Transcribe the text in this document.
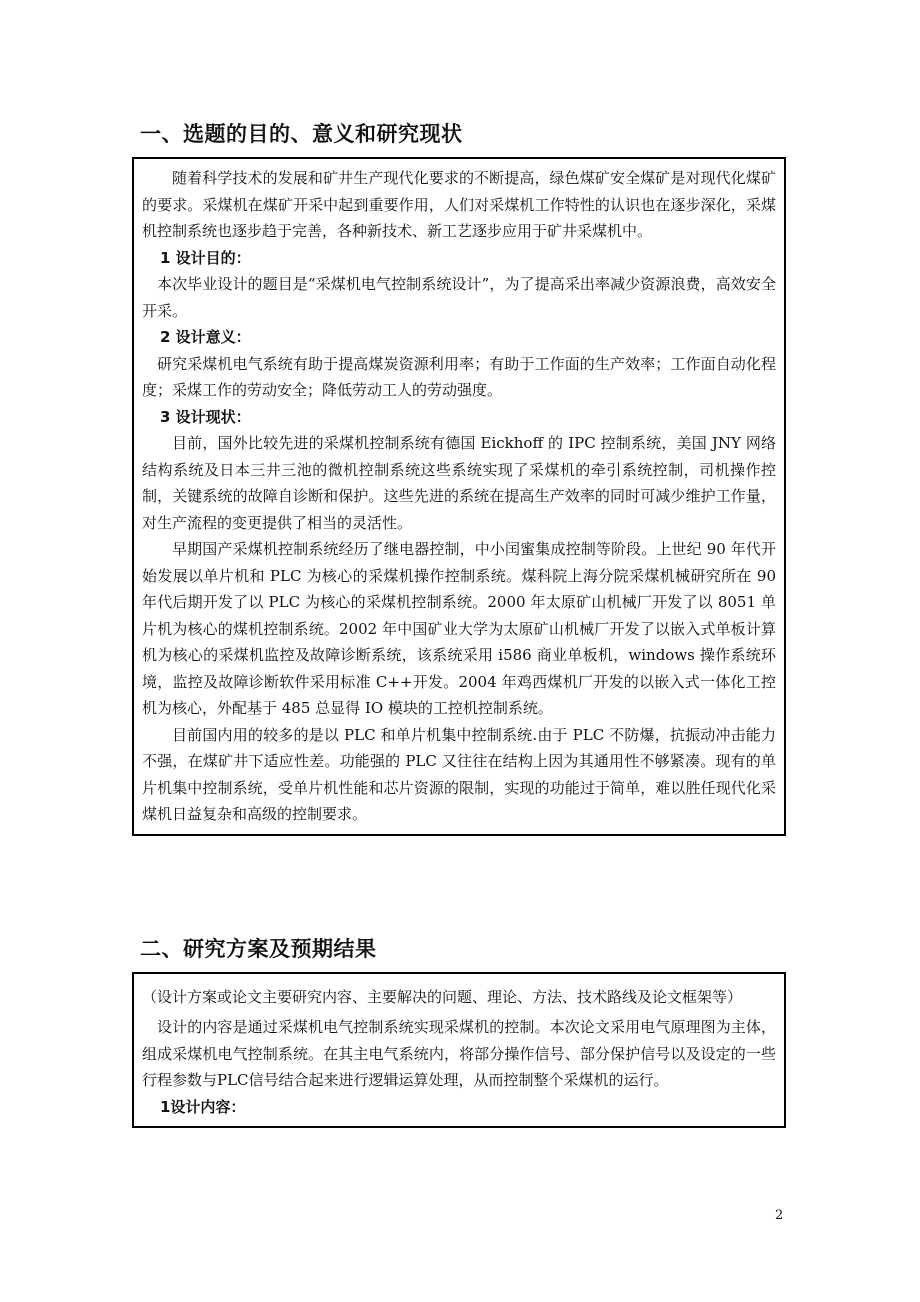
一、选题的目的、意义和研究现状

随着科学技术的发展和矿井生产现代化要求的不断提高，绿色煤矿安全煤矿是对现代化煤矿的要求。采煤机在煤矿开采中起到重要作用，人们对采煤机工作特性的认识也在逐步深化，采煤机控制系统也逐步趋于完善，各种新技术、新工艺逐步应用于矿井采煤机中。

1 设计目的：

本次毕业设计的题目是“采煤机电气控制系统设计”，为了提高采出率减少资源浪费，高效安全开采。

2 设计意义：

研究采煤机电气系统有助于提高煤炭资源利用率；有助于工作面的生产效率；工作面自动化程度；采煤工作的劳动安全；降低劳动工人的劳动强度。

3 设计现状：

目前，国外比较先进的采煤机控制系统有德国 Eickhoff 的 IPC 控制系统，美国 JNY 网络结构系统及日本三井三池的微机控制系统这些系统实现了采煤机的牵引系统控制，司机操作控制，关键系统的故障自诊断和保护。这些先进的系统在提高生产效率的同时可减少维护工作量，对生产流程的变更提供了相当的灵活性。

早期国产采煤机控制系统经历了继电器控制，中小闰蜜集成控制等阶段。上世纪 90 年代开始发展以单片机和 PLC 为核心的采煤机操作控制系统。煤科院上海分院采煤机械研究所在 90 年代后期开发了以 PLC 为核心的采煤机控制系统。2000 年太原矿山机械厂开发了以 8051 单片机为核心的煤机控制系统。2002 年中国矿业大学为太原矿山机械厂开发了以嵌入式单板计算机为核心的采煤机监控及故障诊断系统，该系统采用 i586 商业单板机，windows 操作系统环境，监控及故障诊断软件采用标准 C++开发。2004 年鸡西煤机厂开发的以嵌入式一体化工控机为核心，外配基于 485 总显得 IO 模块的工控机控制系统。

目前国内用的较多的是以 PLC 和单片机集中控制系统.由于 PLC 不防爆，抗振动冲击能力不强，在煤矿井下适应性差。功能强的 PLC 又往往在结构上因为其通用性不够紧凑。现有的单片机集中控制系统，受单片机性能和芯片资源的限制，实现的功能过于简单，难以胜任现代化采煤机日益复杂和高级的控制要求。

二、研究方案及预期结果

（设计方案或论文主要研究内容、主要解决的问题、理论、方法、技术路线及论文框架等）

设计的内容是通过采煤机电气控制系统实现采煤机的控制。本次论文采用电气原理图为主体，组成采煤机电气控制系统。在其主电气系统内，将部分操作信号、部分保护信号以及设定的一些行程参数与PLC信号结合起来进行逻辑运算处理，从而控制整个采煤机的运行。

1设计内容：

2
